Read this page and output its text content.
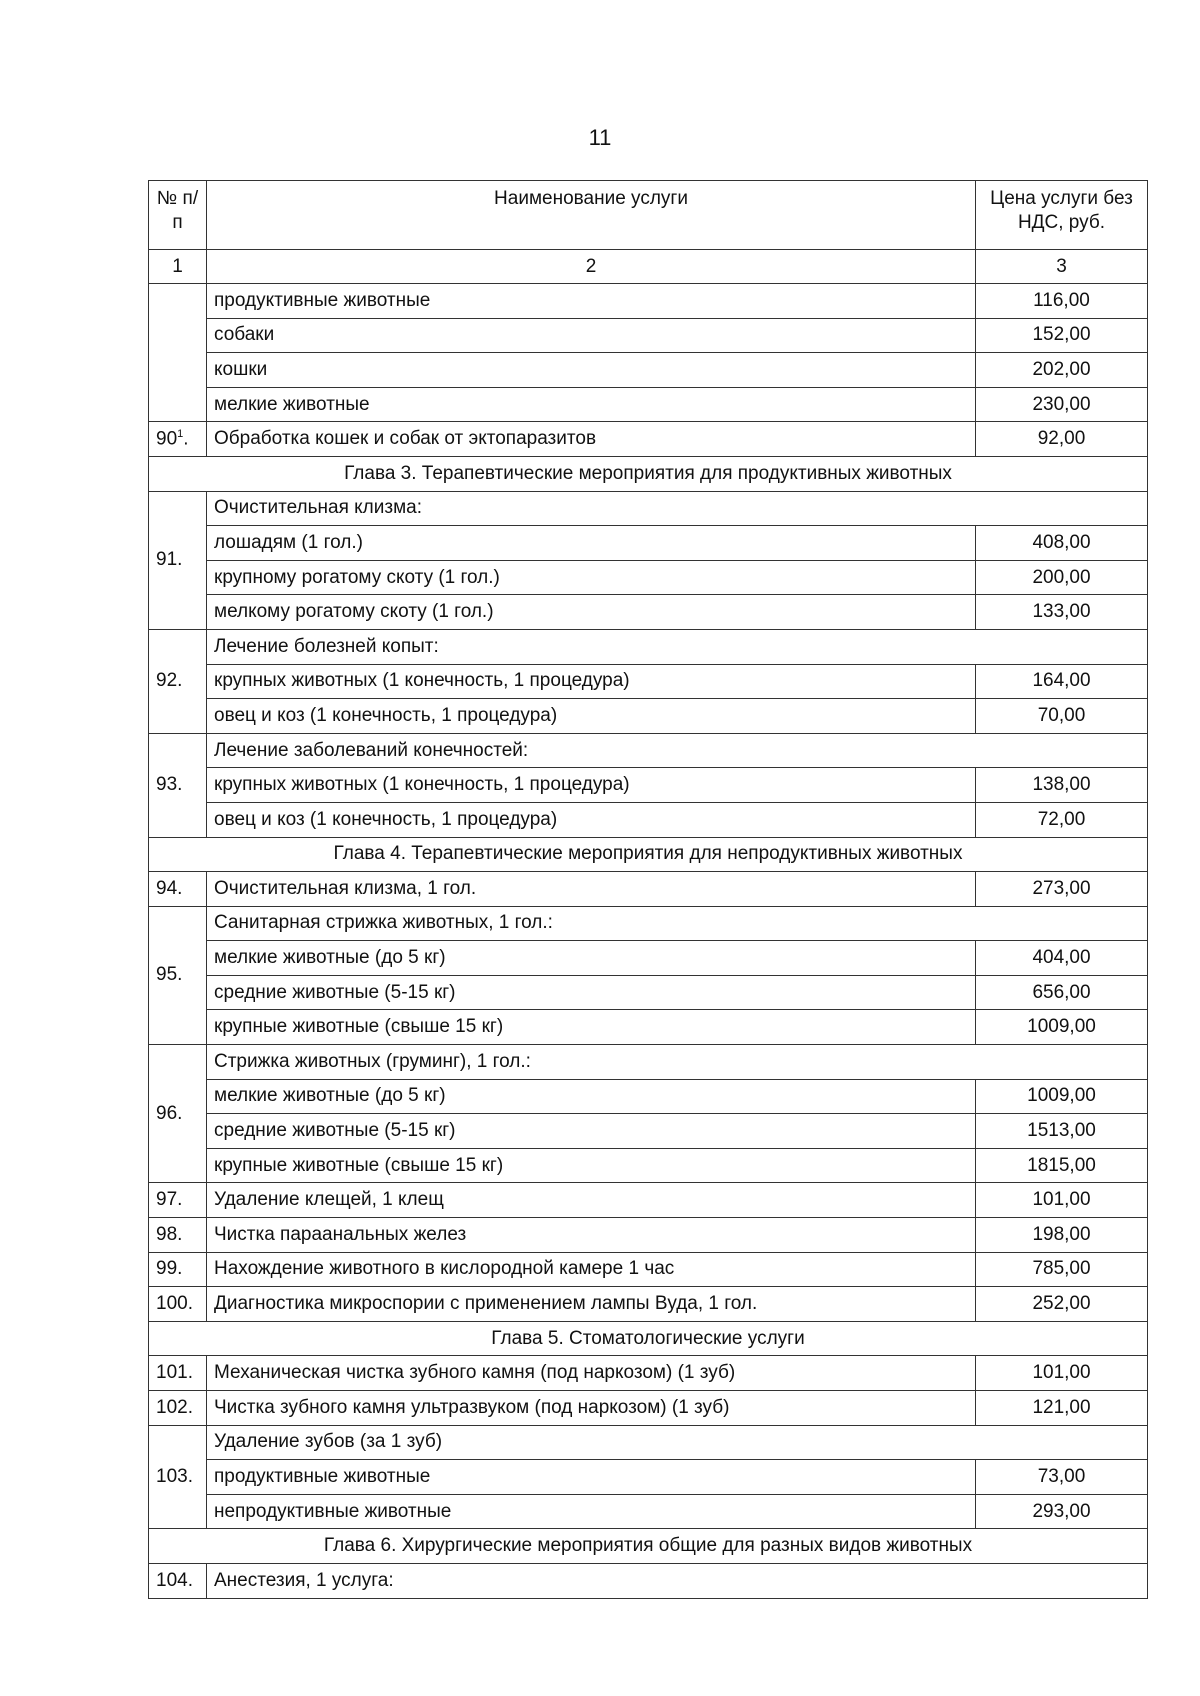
11
№ п/п	Наименование услуги	Цена услуги без НДС, руб.
1	2	3
	продуктивные животные	116,00
	собаки	152,00
	кошки	202,00
	мелкие животные	230,00
$90^1$.	Обработка кошек и собак от эктопаразитов	92,00
Глава 3. Терапевтические мероприятия для продуктивных животных		
91.	Очистительная клизма:	
	лошадям (1 гол.)	408,00
	крупному рогатому скоту (1 гол.)	200,00
	мелкому рогатому скоту (1 гол.)	133,00
92.	Лечение болезней копыт:	
	крупных животных (1 конечность, 1 процедура)	164,00
	овец и коз (1 конечность, 1 процедура)	70,00
93.	Лечение заболеваний конечностей:	
	крупных животных (1 конечность, 1 процедура)	138,00
	овец и коз (1 конечность, 1 процедура)	72,00
Глава 4. Терапевтические мероприятия для непродуктивных животных		
94.	Очистительная клизма, 1 гол.	273,00
95.	Санитарная стрижка животных, 1 гол.:	
	мелкие животные (до 5 кг)	404,00
	средние животные (5-15 кг)	656,00
	крупные животные (свыше 15 кг)	1009,00
96.	Стрижка животных (груминг), 1 гол.:	
	мелкие животные (до 5 кг)	1009,00
	средние животные (5-15 кг)	1513,00
	крупные животные (свыше 15 кг)	1815,00
97.	Удаление клещей, 1 клещ	101,00
98.	Чистка параанальных желез	198,00
99.	Нахождение животного в кислородной камере 1 час	785,00
100.	Диагностика микроспории с применением лампы Вуда, 1 гол.	252,00
Глава 5. Стоматологические услуги		
101.	Механическая чистка зубного камня (под наркозом) (1 зуб)	101,00
102.	Чистка зубного камня ультразвуком (под наркозом) (1 зуб)	121,00
103.	Удаление зубов (за 1 зуб)	
	продуктивные животные	73,00
	непродуктивные животные	293,00
Глава 6. Хирургические мероприятия общие для разных видов животных		
104.	Анестезия, 1 услуга:	
